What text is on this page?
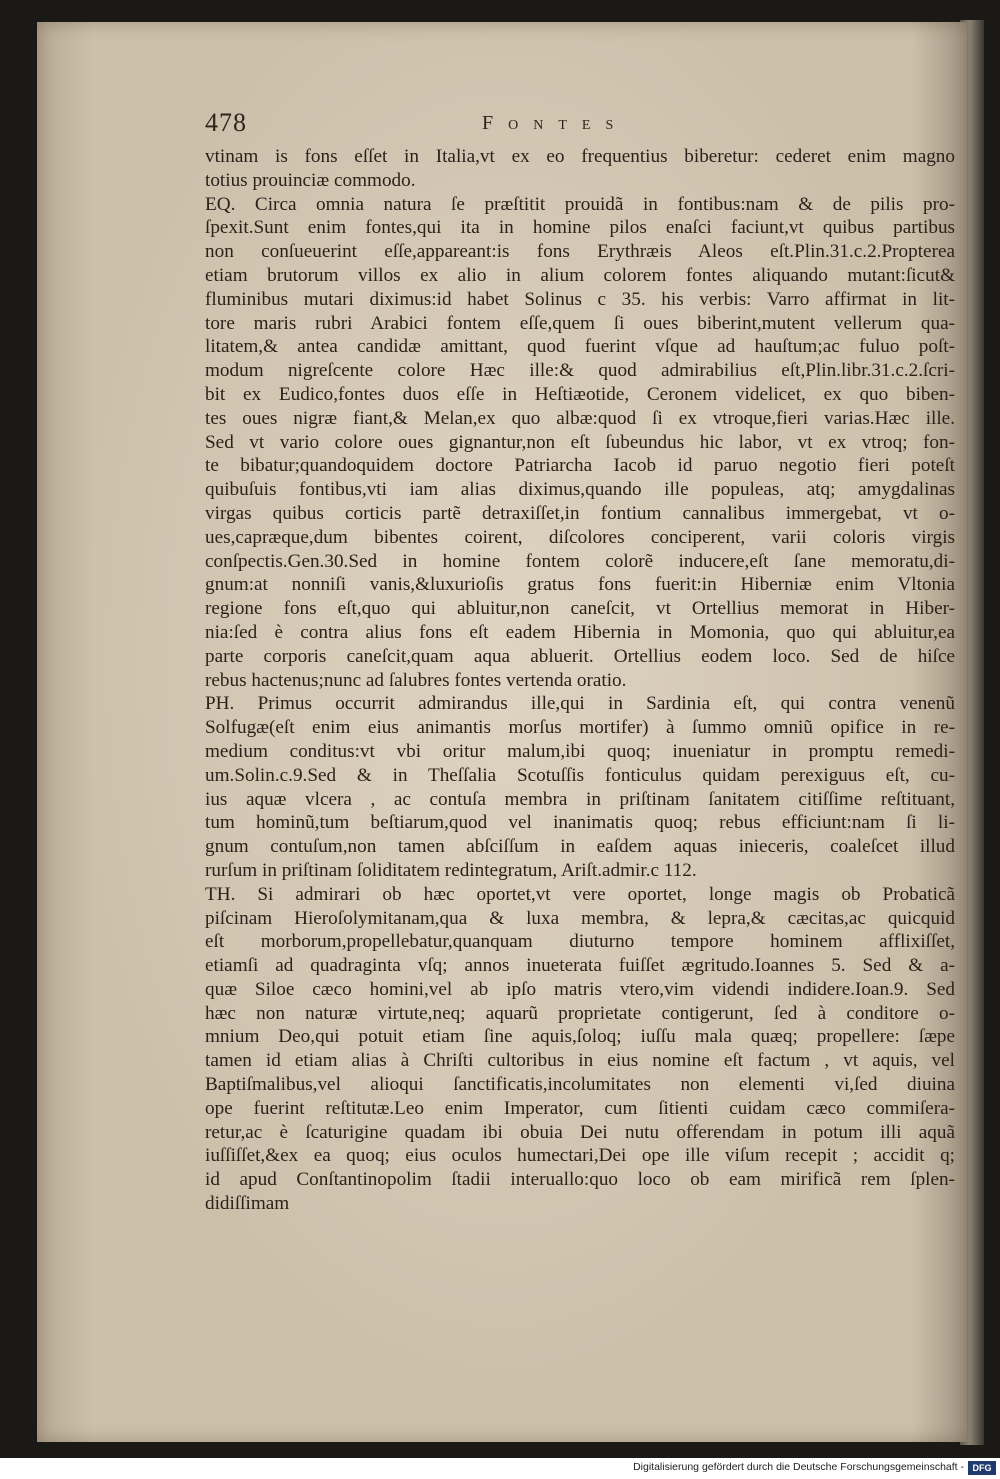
478	Fontes
vtinam is fons eſſet in Italia,vt ex eo frequentius biberetur: cederet enim magno
totius prouinciæ commodo.
EQ. Circa omnia natura ſe præſtitit prouidã in fontibus:nam & de pilis pro-
ſpexit.Sunt enim fontes,qui ita in homine pilos enaſci faciunt,vt quibus partibus
non conſueuerint eſſe,appareant:is fons Erythræis Aleos eſt.Plin.31.c.2.Propterea
etiam brutorum villos ex alio in alium colorem fontes aliquando mutant:ſicut&
fluminibus mutari diximus:id habet Solinus c 35. his verbis: Varro affirmat in lit-
tore maris rubri Arabici fontem eſſe,quem ſi oues biberint,mutent vellerum qua-
litatem,& antea candidæ amittant, quod fuerint vſque ad hauſtum;ac fuluo poſt-
modum nigreſcente colore Hæc ille:& quod admirabilius eſt,Plin.libr.31.c.2.ſcri-
bit ex Eudico,fontes duos eſſe in Heſtiæotide, Ceronem videlicet, ex quo biben-
tes oues nigræ fiant,& Melan,ex quo albæ:quod ſi ex vtroque,fieri varias.Hæc ille.
Sed vt vario colore oues gignantur,non eſt ſubeundus hic labor, vt ex vtroq; fon-
te bibatur;quandoquidem doctore Patriarcha Iacob id paruo negotio fieri poteſt
quibuſuis fontibus,vti iam alias diximus,quando ille populeas, atq; amygdalinas
virgas quibus corticis partẽ detraxiſſet,in fontium cannalibus immergebat, vt o-
ues,capræque,dum bibentes coirent, diſcolores conciperent, varii coloris virgis
conſpectis.Gen.30.Sed in homine fontem colorẽ inducere,eſt ſane memoratu,di-
gnum:at nonniſi vanis,&luxurioſis gratus fons fuerit:in Hiberniæ enim Vltonia
regione fons eſt,quo qui abluitur,non caneſcit, vt Ortellius memorat in Hiber-
nia:ſed è contra alius fons eſt eadem Hibernia in Momonia, quo qui abluitur,ea
parte corporis caneſcit,quam aqua abluerit. Ortellius eodem loco. Sed de hiſce
rebus hactenus;nunc ad ſalubres fontes vertenda oratio.
PH. Primus occurrit admirandus ille,qui in Sardinia eſt, qui contra venenũ
Solfugæ(eſt enim eius animantis morſus mortifer) à ſummo omniũ opifice in re-
medium conditus:vt vbi oritur malum,ibi quoq; inueniatur in promptu remedi-
um.Solin.c.9.Sed & in Theſſalia Scotuſſis fonticulus quidam perexiguus eſt, cu-
ius aquæ vlcera , ac contuſa membra in priſtinam ſanitatem citiſſime reſtituant,
tum hominũ,tum beſtiarum,quod vel inanimatis quoq; rebus efficiunt:nam ſi li-
gnum contuſum,non tamen abſciſſum in eaſdem aquas inieceris, coaleſcet illud
rurſum in priſtinam ſoliditatem redintegratum, Ariſt.admir.c 112.
TH. Si admirari ob hæc oportet,vt vere oportet, longe magis ob Probaticã
piſcinam Hieroſolymitanam,qua & luxa membra, & lepra,& cæcitas,ac quicquid
eſt morborum,propellebatur,quanquam diuturno tempore hominem afflixiſſet,
etiamſi ad quadraginta vſq; annos inueterata fuiſſet ægritudo.Ioannes 5. Sed & a-
quæ Siloe cæco homini,vel ab ipſo matris vtero,vim videndi indidere.Ioan.9. Sed
hæc non naturæ virtute,neq; aquarũ proprietate contigerunt, ſed à conditore o-
mnium Deo,qui potuit etiam ſine aquis,ſoloq; iuſſu mala quæq; propellere: ſæpe
tamen id etiam alias à Chriſti cultoribus in eius nomine eſt factum , vt aquis, vel
Baptiſmalibus,vel alioqui ſanctificatis,incolumitates non elementi vi,ſed diuina
ope fuerint reſtitutæ.Leo enim Imperator, cum ſitienti cuidam cæco commiſera-
retur,ac è ſcaturigine quadam ibi obuia Dei nutu offerendam in potum illi aquã
iuſſiſſet,&ex ea quoq; eius oculos humectari,Dei ope ille viſum recepit ; accidit q;
id apud Conſtantinopolim ſtadii interuallo:quo loco ob eam mirificã rem ſplen-
didiſſimam
Digitalisierung gefördert durch die Deutsche Forschungsgemeinschaft - DFG
